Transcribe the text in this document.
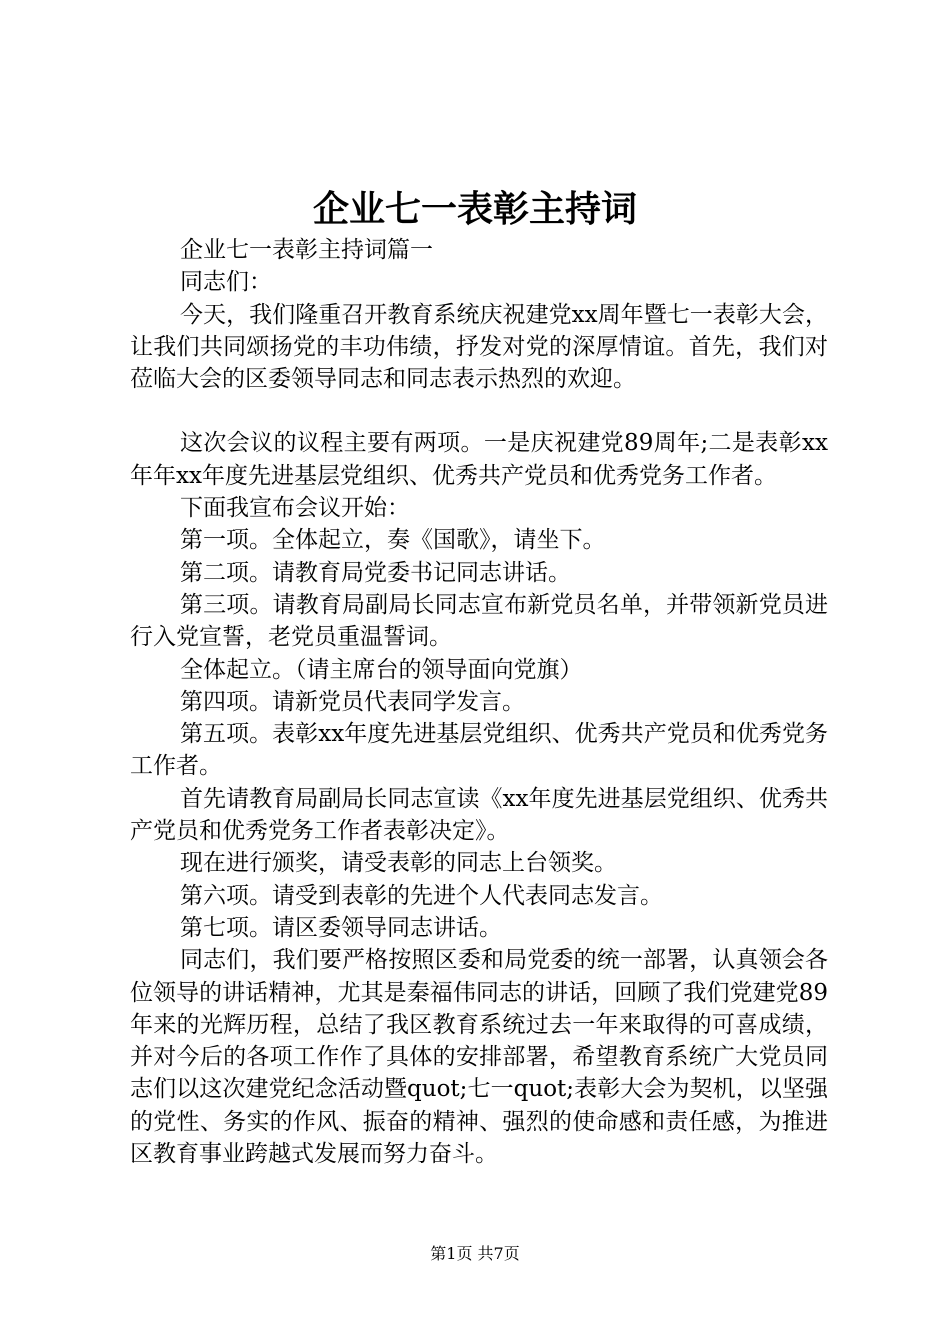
企业七一表彰主持词

企业七一表彰主持词篇一

同志们：

今天，我们隆重召开教育系统庆祝建党xx周年暨七一表彰大会，让我们共同颂扬党的丰功伟绩，抒发对党的深厚情谊。首先，我们对莅临大会的区委领导同志和同志表示热烈的欢迎。

这次会议的议程主要有两项。一是庆祝建党89周年;二是表彰xx年年xx年度先进基层党组织、优秀共产党员和优秀党务工作者。

下面我宣布会议开始：

第一项。全体起立，奏《国歌》，请坐下。

第二项。请教育局党委书记同志讲话。

第三项。请教育局副局长同志宣布新党员名单，并带领新党员进行入党宣誓，老党员重温誓词。

全体起立。（请主席台的领导面向党旗）

第四项。请新党员代表同学发言。

第五项。表彰xx年度先进基层党组织、优秀共产党员和优秀党务工作者。

首先请教育局副局长同志宣读《xx年度先进基层党组织、优秀共产党员和优秀党务工作者表彰决定》。

现在进行颁奖，请受表彰的同志上台领奖。

第六项。请受到表彰的先进个人代表同志发言。

第七项。请区委领导同志讲话。

同志们，我们要严格按照区委和局党委的统一部署，认真领会各位领导的讲话精神，尤其是秦福伟同志的讲话，回顾了我们党建党89年来的光辉历程，总结了我区教育系统过去一年来取得的可喜成绩，并对今后的各项工作作了具体的安排部署，希望教育系统广大党员同志们以这次建党纪念活动暨quot;七一quot;表彰大会为契机，以坚强的党性、务实的作风、振奋的精神、强烈的使命感和责任感，为推进区教育事业跨越式发展而努力奋斗。

第1页 共7页
